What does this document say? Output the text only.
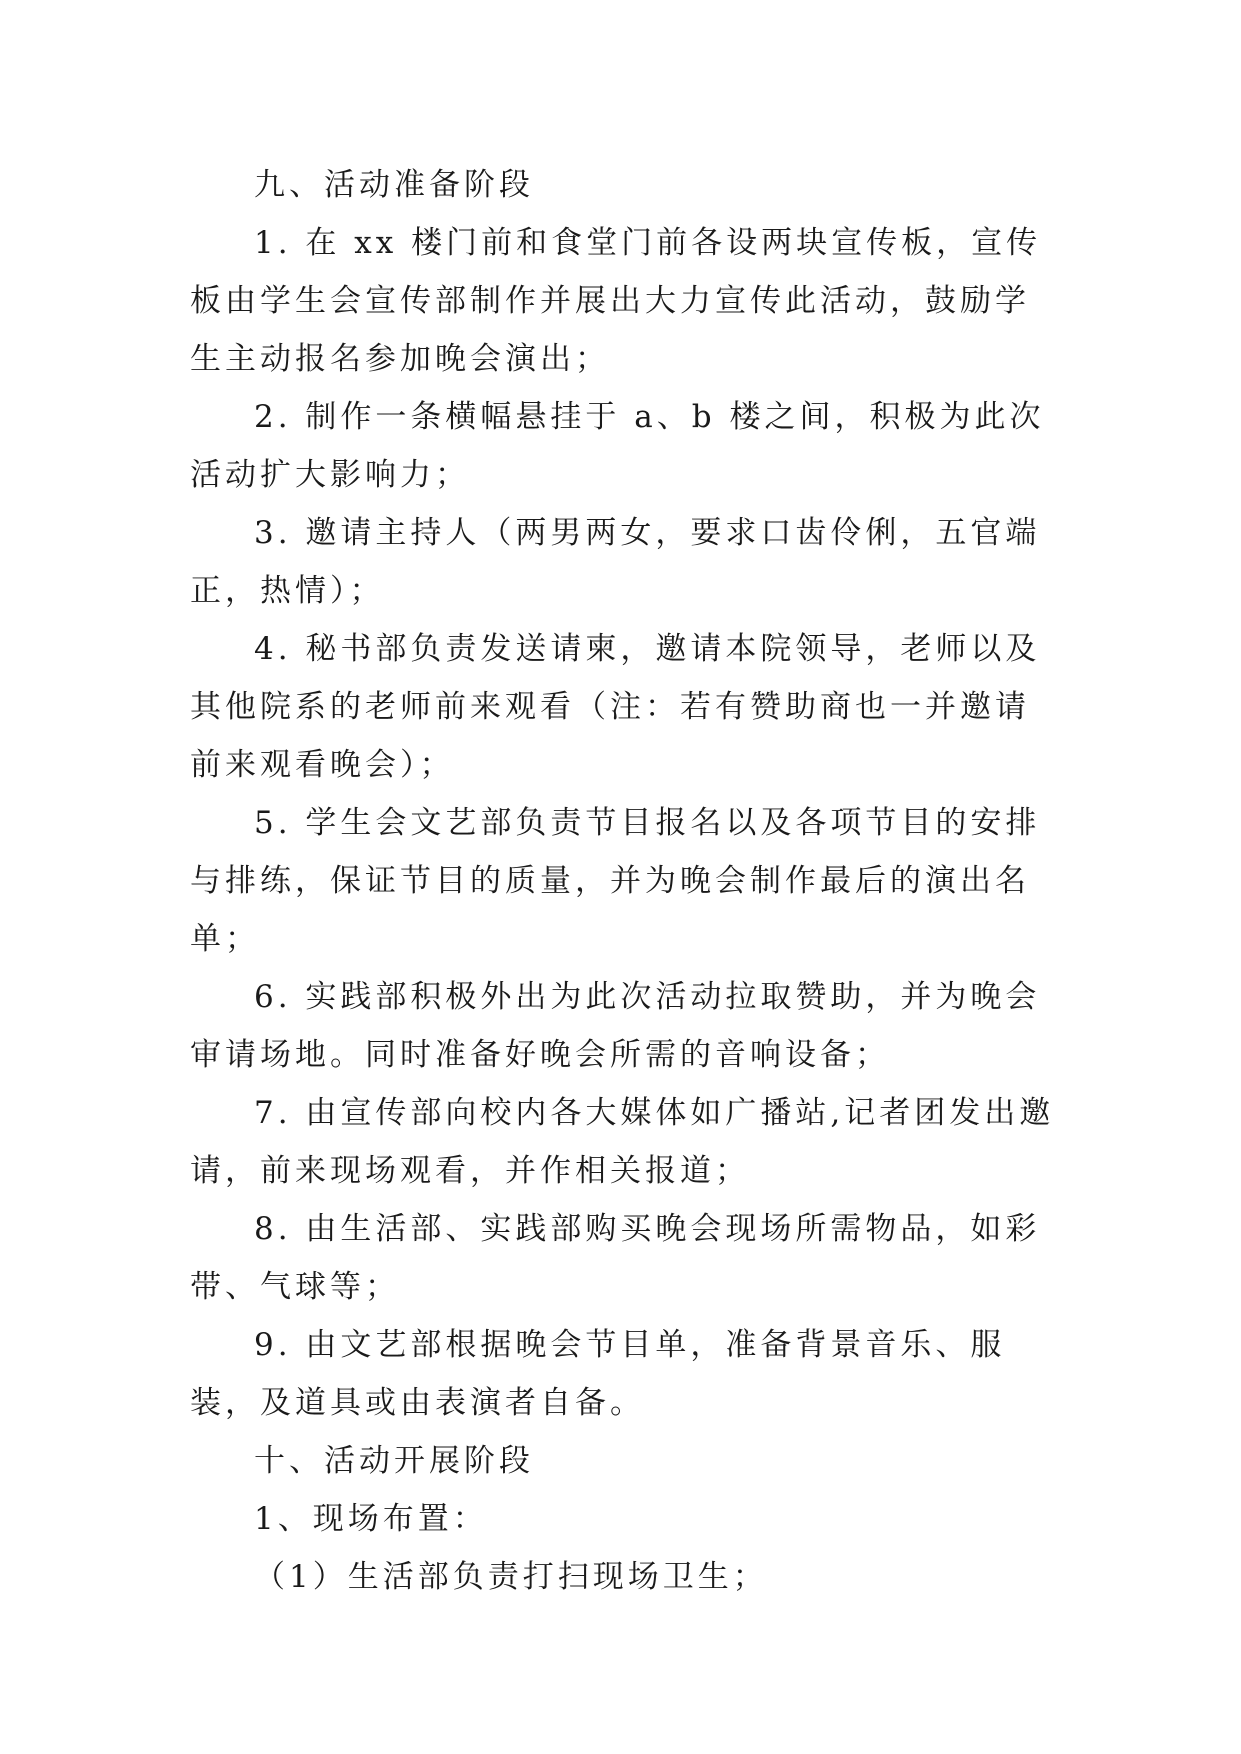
九、活动准备阶段

1. 在 xx 楼门前和食堂门前各设两块宣传板，宣传板由学生会宣传部制作并展出大力宣传此活动，鼓励学生主动报名参加晚会演出；

2. 制作一条横幅悬挂于 a、b 楼之间，积极为此次活动扩大影响力；

3. 邀请主持人（两男两女，要求口齿伶俐，五官端正，热情）；

4. 秘书部负责发送请柬，邀请本院领导，老师以及其他院系的老师前来观看（注：若有赞助商也一并邀请前来观看晚会）；

5. 学生会文艺部负责节目报名以及各项节目的安排与排练，保证节目的质量，并为晚会制作最后的演出名单；

6. 实践部积极外出为此次活动拉取赞助，并为晚会审请场地。同时准备好晚会所需的音响设备；

7. 由宣传部向校内各大媒体如广播站,记者团发出邀请，前来现场观看，并作相关报道；

8. 由生活部、实践部购买晚会现场所需物品，如彩带、气球等；

9. 由文艺部根据晚会节目单，准备背景音乐、服装，及道具或由表演者自备。

十、活动开展阶段

1、现场布置：

（1）生活部负责打扫现场卫生；
